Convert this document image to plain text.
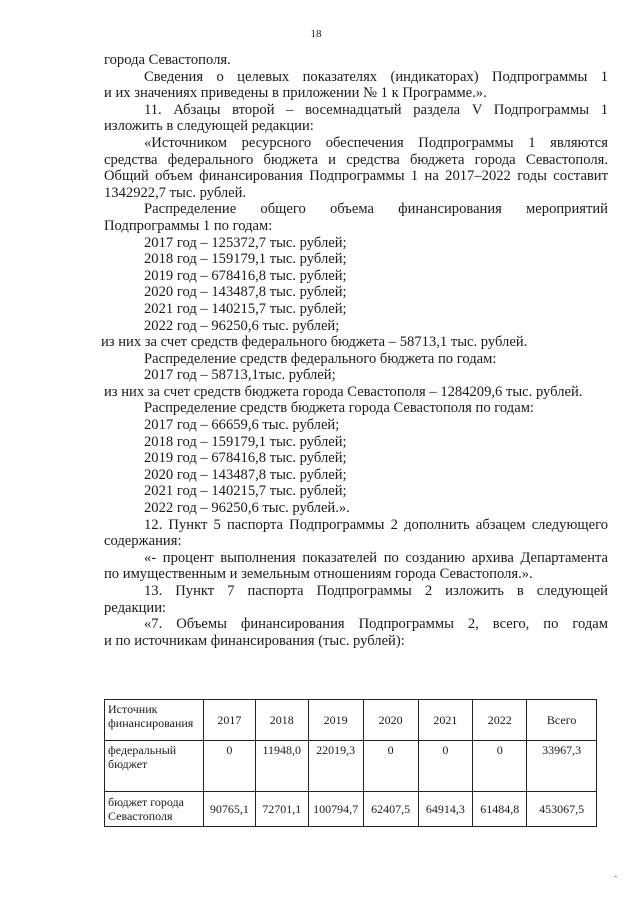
18
города Севастополя.
Сведения о целевых показателях (индикаторах) Подпрограммы 1
и их значениях приведены в приложении № 1 к Программе.».
11. Абзацы второй – восемнадцатый раздела V Подпрограммы 1
изложить в следующей редакции:
«Источником ресурсного обеспечения Подпрограммы 1 являются
средства федерального бюджета и средства бюджета города Севастополя.
Общий объем финансирования Подпрограммы 1 на 2017–2022 годы составит
1342922,7 тыс. рублей.
Распределение общего объема финансирования мероприятий
Подпрограммы 1 по годам:
2017 год – 125372,7 тыс. рублей;
2018 год – 159179,1 тыс. рублей;
2019 год – 678416,8 тыс. рублей;
2020 год – 143487,8 тыс. рублей;
2021 год – 140215,7 тыс. рублей;
2022 год – 96250,6 тыс. рублей;
из них за счет средств федерального бюджета – 58713,1 тыс. рублей.
Распределение средств федерального бюджета по годам:
2017 год – 58713,1тыс. рублей;
из них за счет средств бюджета города Севастополя – 1284209,6 тыс. рублей.
Распределение средств бюджета города Севастополя по годам:
2017 год – 66659,6 тыс. рублей;
2018 год – 159179,1 тыс. рублей;
2019 год – 678416,8 тыс. рублей;
2020 год – 143487,8 тыс. рублей;
2021 год – 140215,7 тыс. рублей;
2022 год – 96250,6 тыс. рублей.».
12. Пункт 5 паспорта Подпрограммы 2 дополнить абзацем следующего
содержания:
«- процент выполнения показателей по созданию архива Департамента
по имущественным и земельным отношениям города Севастополя.».
13. Пункт 7 паспорта Подпрограммы 2 изложить в следующей
редакции:
«7. Объемы финансирования Подпрограммы 2, всего, по годам
и по источникам финансирования (тыс. рублей):
Источник финансирования	2017	2018	2019	2020	2021	2022	Всего
федеральный бюджет	0	11948,0	22019,3	0	0	0	33967,3
бюджет города Севастополя	90765,1	72701,1	100794,7	62407,5	64914,3	61484,8	453067,5
˜
